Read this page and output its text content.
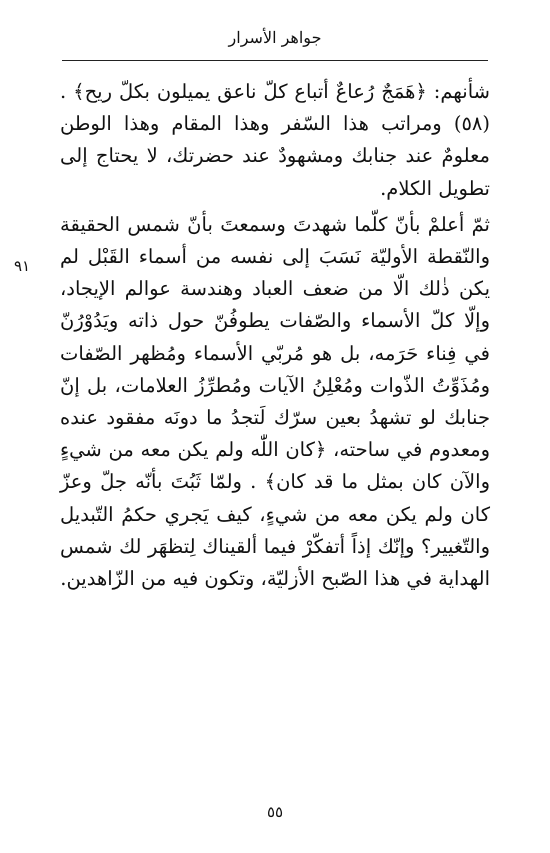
جواهر الأسرار

شأنهم: ﴿هَمَجٌ رُعاعٌ أتباع كلّ ناعق يميلون بكلّ ريح﴾ . (٥٨) ومراتب هذا السّفر وهذا المقام وهذا الوطن معلومٌ عند جنابك ومشهودٌ عند حضرتك، لا يحتاج إلى تطويل الكلام.

ثمّ أعلمْ بأنّ كلّما شهدتَ وسمعتَ بأنّ شمس الحقيقة والنّقطة الأوليّة نَسَبَ إلى نفسه من أسماء القَبْل لم يكن ذٰلك الّا من ضعف العباد وهندسة عوالم الإيجاد، وإلّا كلّ الأسماء والصّفات يطوفُنّ حول ذاته ويَدُوْرُنّ في فِناء حَرَمه، بل هو مُربّي الأسماء ومُظهر الصّفات ومُذَوِّتُ الذّوات ومُعْلِنُ الآيات ومُطرِّزُ العلامات، بل إنّ جنابك لو تشهدُ بعين سرّك لَتجدُ ما دونَه مفقود عنده ومعدوم في ساحته، ﴿كان اللّٰه ولم يكن معه من شيءٍ والآن كان بمثل ما قد كان﴾ . ولمّا ثَبُتَ بأنّه جلّ وعزّ كان ولم يكن معه من شيءٍ، كيف يَجري حكمُ التّبديل والتّغيير؟ وإنّك إذاً أتفكّرْ فيما ألقيناك لِتظهَر لك شمس الهداية في هذا الصّبح الأزليّة، وتكون فيه من الزّاهدين.

٩١
٥٥
